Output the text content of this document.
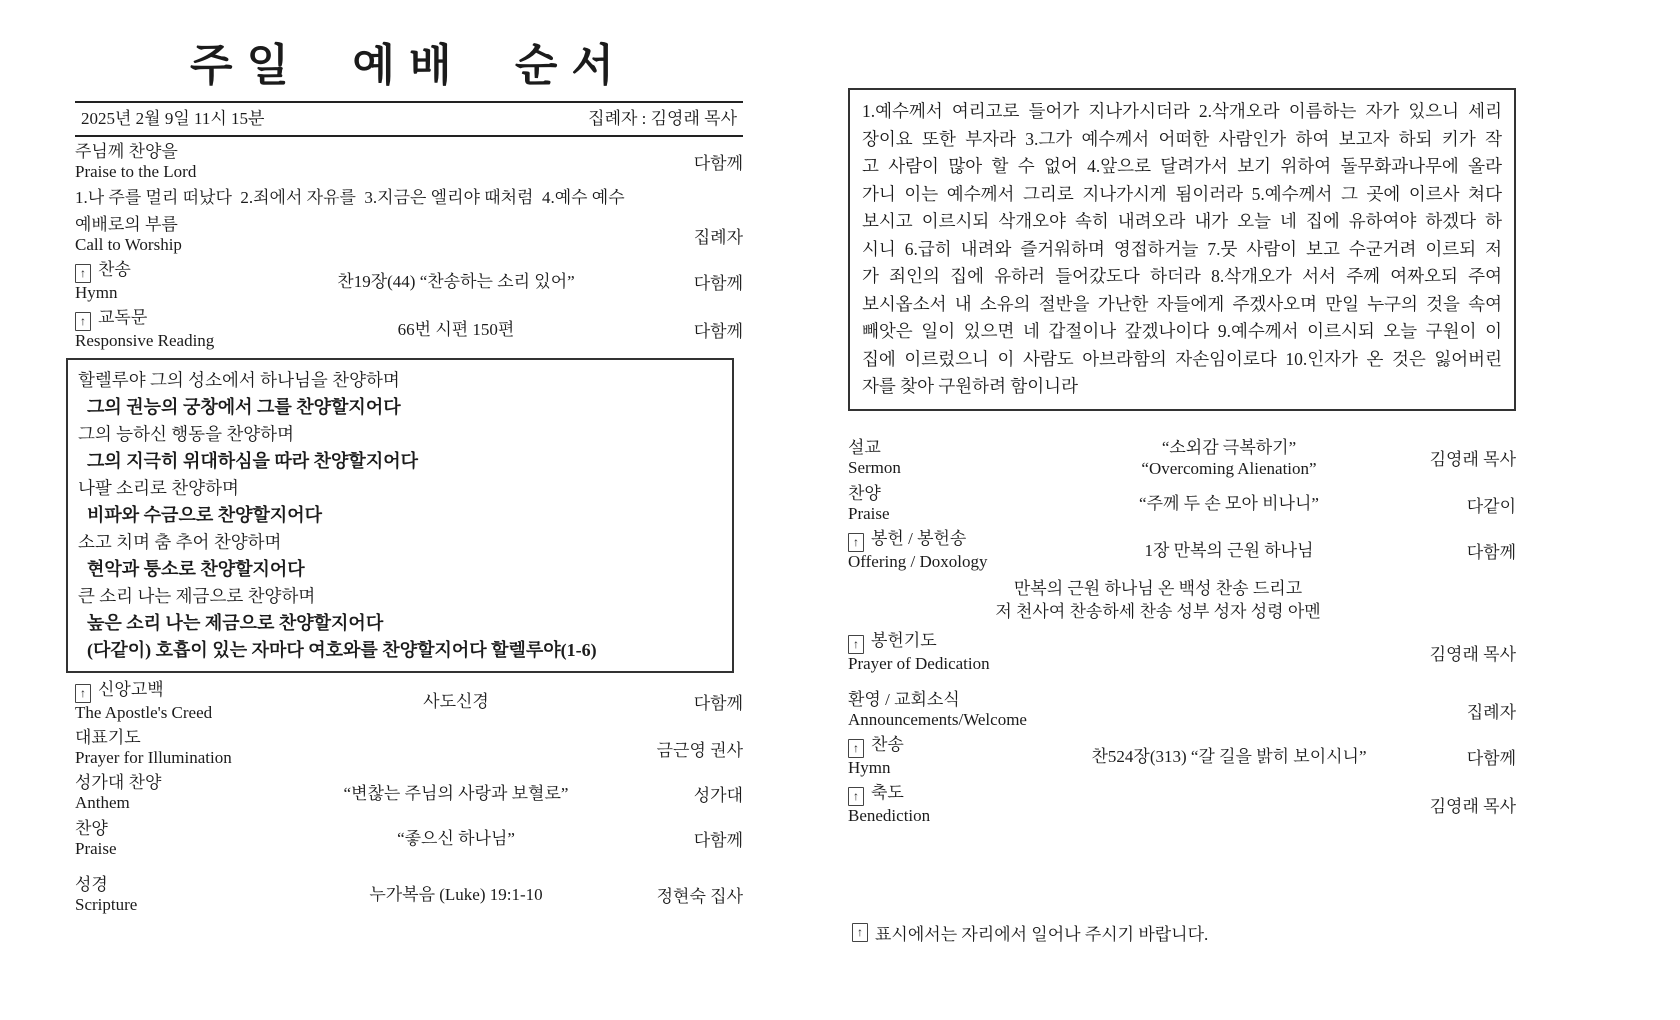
주일 예배 순서
2025년 2월 9일 11시 15분	집례자 : 김영래 목사
주님께 찬양을
Praise to the Lord	다함께
1.나 주를 멀리 떠났다  2.죄에서 자유를  3.지금은 엘리야 때처럼  4.예수 예수
예배로의 부름
Call to Worship	집례자
↑ 찬송
Hymn
찬19장(44) “찬송하는 소리 있어”	다함께
↑ 교독문
Responsive Reading
66번 시편 150편	다함께
할렐루야 그의 성소에서 하나님을 찬양하며
그의 권능의 궁창에서 그를 찬양할지어다
그의 능하신 행동을 찬양하며
그의 지극히 위대하심을 따라 찬양할지어다
나팔 소리로 찬양하며
비파와 수금으로 찬양할지어다
소고 치며 춤 추어 찬양하며
현악과 퉁소로 찬양할지어다
큰 소리 나는 제금으로 찬양하며
높은 소리 나는 제금으로 찬양할지어다
(다같이) 호흡이 있는 자마다 여호와를 찬양할지어다 할렐루야(1-6)
↑ 신앙고백
The Apostle's Creed
사도신경	다함께
대표기도
Prayer for Illumination	금근영 권사
성가대 찬양
Anthem
“변찮는 주님의 사랑과 보혈로”	성가대
찬양
Praise
“좋으신 하나님”	다함께
성경
Scripture
누가복음 (Luke) 19:1-10	정현숙 집사
1.예수께서 여리고로 들어가 지나가시더라 2.삭개오라 이름하는 자가 있으니 세리
장이요 또한 부자라 3.그가 예수께서 어떠한 사람인가 하여 보고자 하되 키가 작
고 사람이 많아 할 수 없어 4.앞으로 달려가서 보기 위하여 돌무화과나무에 올라
가니 이는 예수께서 그리로 지나가시게 됨이러라 5.예수께서 그 곳에 이르사 쳐다
보시고 이르시되 삭개오야 속히 내려오라 내가 오늘 네 집에 유하여야 하겠다 하
시니 6.급히 내려와 즐거워하며 영접하거늘 7.뭇 사람이 보고 수군거려 이르되 저
가 죄인의 집에 유하러 들어갔도다 하더라 8.삭개오가 서서 주께 여짜오되 주여
보시옵소서 내 소유의 절반을 가난한 자들에게 주겠사오며 만일 누구의 것을 속여
빼앗은 일이 있으면 네 갑절이나 갚겠나이다 9.예수께서 이르시되 오늘 구원이 이
집에 이르렀으니 이 사람도 아브라함의 자손임이로다 10.인자가 온 것은 잃어버린
자를 찾아 구원하려 함이니라
설교
Sermon
“소외감 극복하기”
“Overcoming Alienation”	김영래 목사
찬양
Praise
“주께 두 손 모아 비나니”	다같이
↑ 봉헌 / 봉헌송
Offering / Doxology
1장 만복의 근원 하나님	다함께
만복의 근원 하나님 온 백성 찬송 드리고
저 천사여 찬송하세 찬송 성부 성자 성령 아멘
↑ 봉헌기도
Prayer of Dedication	김영래 목사
환영 / 교회소식
Announcements/Welcome	집례자
↑ 찬송
Hymn
찬524장(313) “갈 길을 밝히 보이시니”	다함께
↑ 축도
Benediction	김영래 목사
↑ 표시에서는 자리에서 일어나 주시기 바랍니다.
